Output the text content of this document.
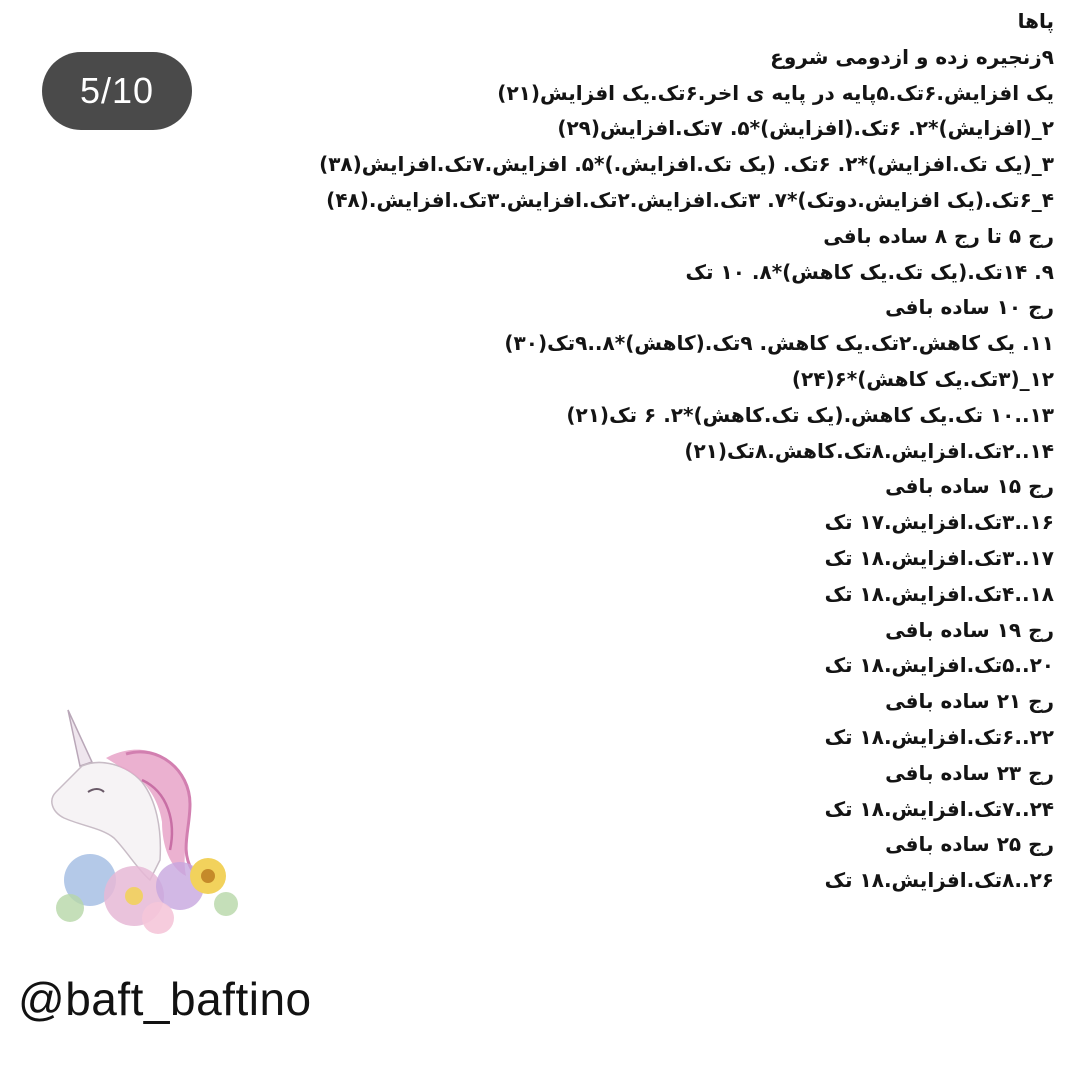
5/10
پاها
۹زنجیره زده و ازدومی شروع
یک افزایش.۶تک.۵پایه در پایه ی اخر.۶تک.یک افزایش(۲۱)
۲_(افزایش)*۲. ۶تک.(افزایش)*۵. ۷تک.افزایش(۲۹)
۳_(یک تک.افزایش)*۲. ۶تک. (یک تک.افزایش.)*۵. افزایش.۷تک.افزایش(۳۸)
۴_۶تک.(یک افزایش.دوتک)*۷. ۳تک.افزایش.۲تک.افزایش.۳تک.افزایش.(۴۸)
رج ۵ تا رج ۸ ساده بافی
۹. ۱۴تک.(یک تک.یک کاهش)*۸. ۱۰ تک
رج ۱۰ ساده بافی
۱۱. یک کاهش.۲تک.یک کاهش. ۹تک.(کاهش)*۸..۹تک(۳۰)
۱۲_(۳تک.یک کاهش)*۶(۲۴)
۱۳..۱۰ تک.یک کاهش.(یک تک.کاهش)*۲. ۶ تک(۲۱)
۱۴..۲تک.افزایش.۸تک.کاهش.۸تک(۲۱)
رج ۱۵ ساده بافی
۱۶..۳تک.افزایش.۱۷ تک
۱۷..۳تک.افزایش.۱۸ تک
۱۸..۴تک.افزایش.۱۸ تک
رج ۱۹ ساده بافی
۲۰..۵تک.افزایش.۱۸ تک
رج ۲۱ ساده بافی
۲۲..۶تک.افزایش.۱۸ تک
رج ۲۳ ساده بافی
۲۴..۷تک.افزایش.۱۸ تک
رج ۲۵ ساده بافی
۲۶..۸تک.افزایش.۱۸ تک
@baft_baftino
